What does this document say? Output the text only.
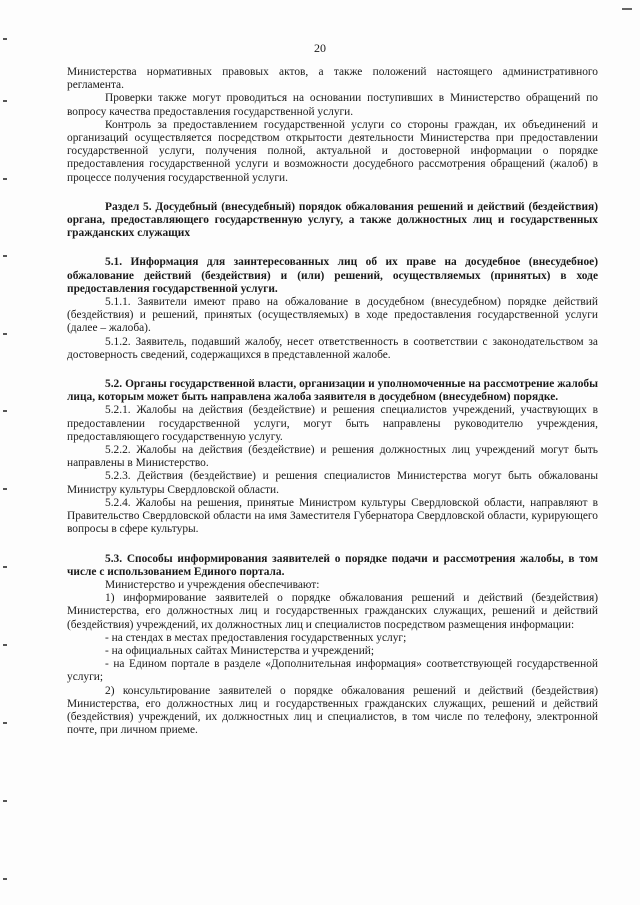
20

Министерства нормативных правовых актов, а также положений настоящего административного регламента.

Проверки также могут проводиться на основании поступивших в Министерство обращений по вопросу качества предоставления государственной услуги.

Контроль за предоставлением государственной услуги со стороны граждан, их объединений и организаций осуществляется посредством открытости деятельности Министерства при предоставлении государственной услуги, получения полной, актуальной и достоверной информации о порядке предоставления государственной услуги и возможности досудебного рассмотрения обращений (жалоб) в процессе получения государственной услуги.

Раздел 5. Досудебный (внесудебный) порядок обжалования решений и действий (бездействия) органа, предоставляющего государственную услугу, а также должностных лиц и государственных гражданских служащих

5.1. Информация для заинтересованных лиц об их праве на досудебное (внесудебное) обжалование действий (бездействия) и (или) решений, осуществляемых (принятых) в ходе предоставления государственной услуги.

5.1.1. Заявители имеют право на обжалование в досудебном (внесудебном) порядке действий (бездействия) и решений, принятых (осуществляемых) в ходе предоставления государственной услуги (далее – жалоба).

5.1.2. Заявитель, подавший жалобу, несет ответственность в соответствии с законодательством за достоверность сведений, содержащихся в представленной жалобе.

5.2. Органы государственной власти, организации и уполномоченные на рассмотрение жалобы лица, которым может быть направлена жалоба заявителя в досудебном (внесудебном) порядке.

5.2.1. Жалобы на действия (бездействие) и решения специалистов учреждений, участвующих в предоставлении государственной услуги, могут быть направлены руководителю учреждения, предоставляющего государственную услугу.

5.2.2. Жалобы на действия (бездействие) и решения должностных лиц учреждений могут быть направлены в Министерство.

5.2.3. Действия (бездействие) и решения специалистов Министерства могут быть обжалованы Министру культуры Свердловской области.

5.2.4. Жалобы на решения, принятые Министром культуры Свердловской области, направляют в Правительство Свердловской области на имя Заместителя Губернатора Свердловской области, курирующего вопросы в сфере культуры.

5.3. Способы информирования заявителей о порядке подачи и рассмотрения жалобы, в том числе с использованием Единого портала.

Министерство и учреждения обеспечивают:

1) информирование заявителей о порядке обжалования решений и действий (бездействия) Министерства, его должностных лиц и государственных гражданских служащих, решений и действий (бездействия) учреждений, их должностных лиц и специалистов посредством размещения информации:

- на стендах в местах предоставления государственных услуг;

- на официальных сайтах Министерства и учреждений;

- на Едином портале в разделе «Дополнительная информация» соответствующей государственной услуги;

2) консультирование заявителей о порядке обжалования решений и действий (бездействия) Министерства, его должностных лиц и государственных гражданских служащих, решений и действий (бездействия) учреждений, их должностных лиц и специалистов, в том числе по телефону, электронной почте, при личном приеме.
